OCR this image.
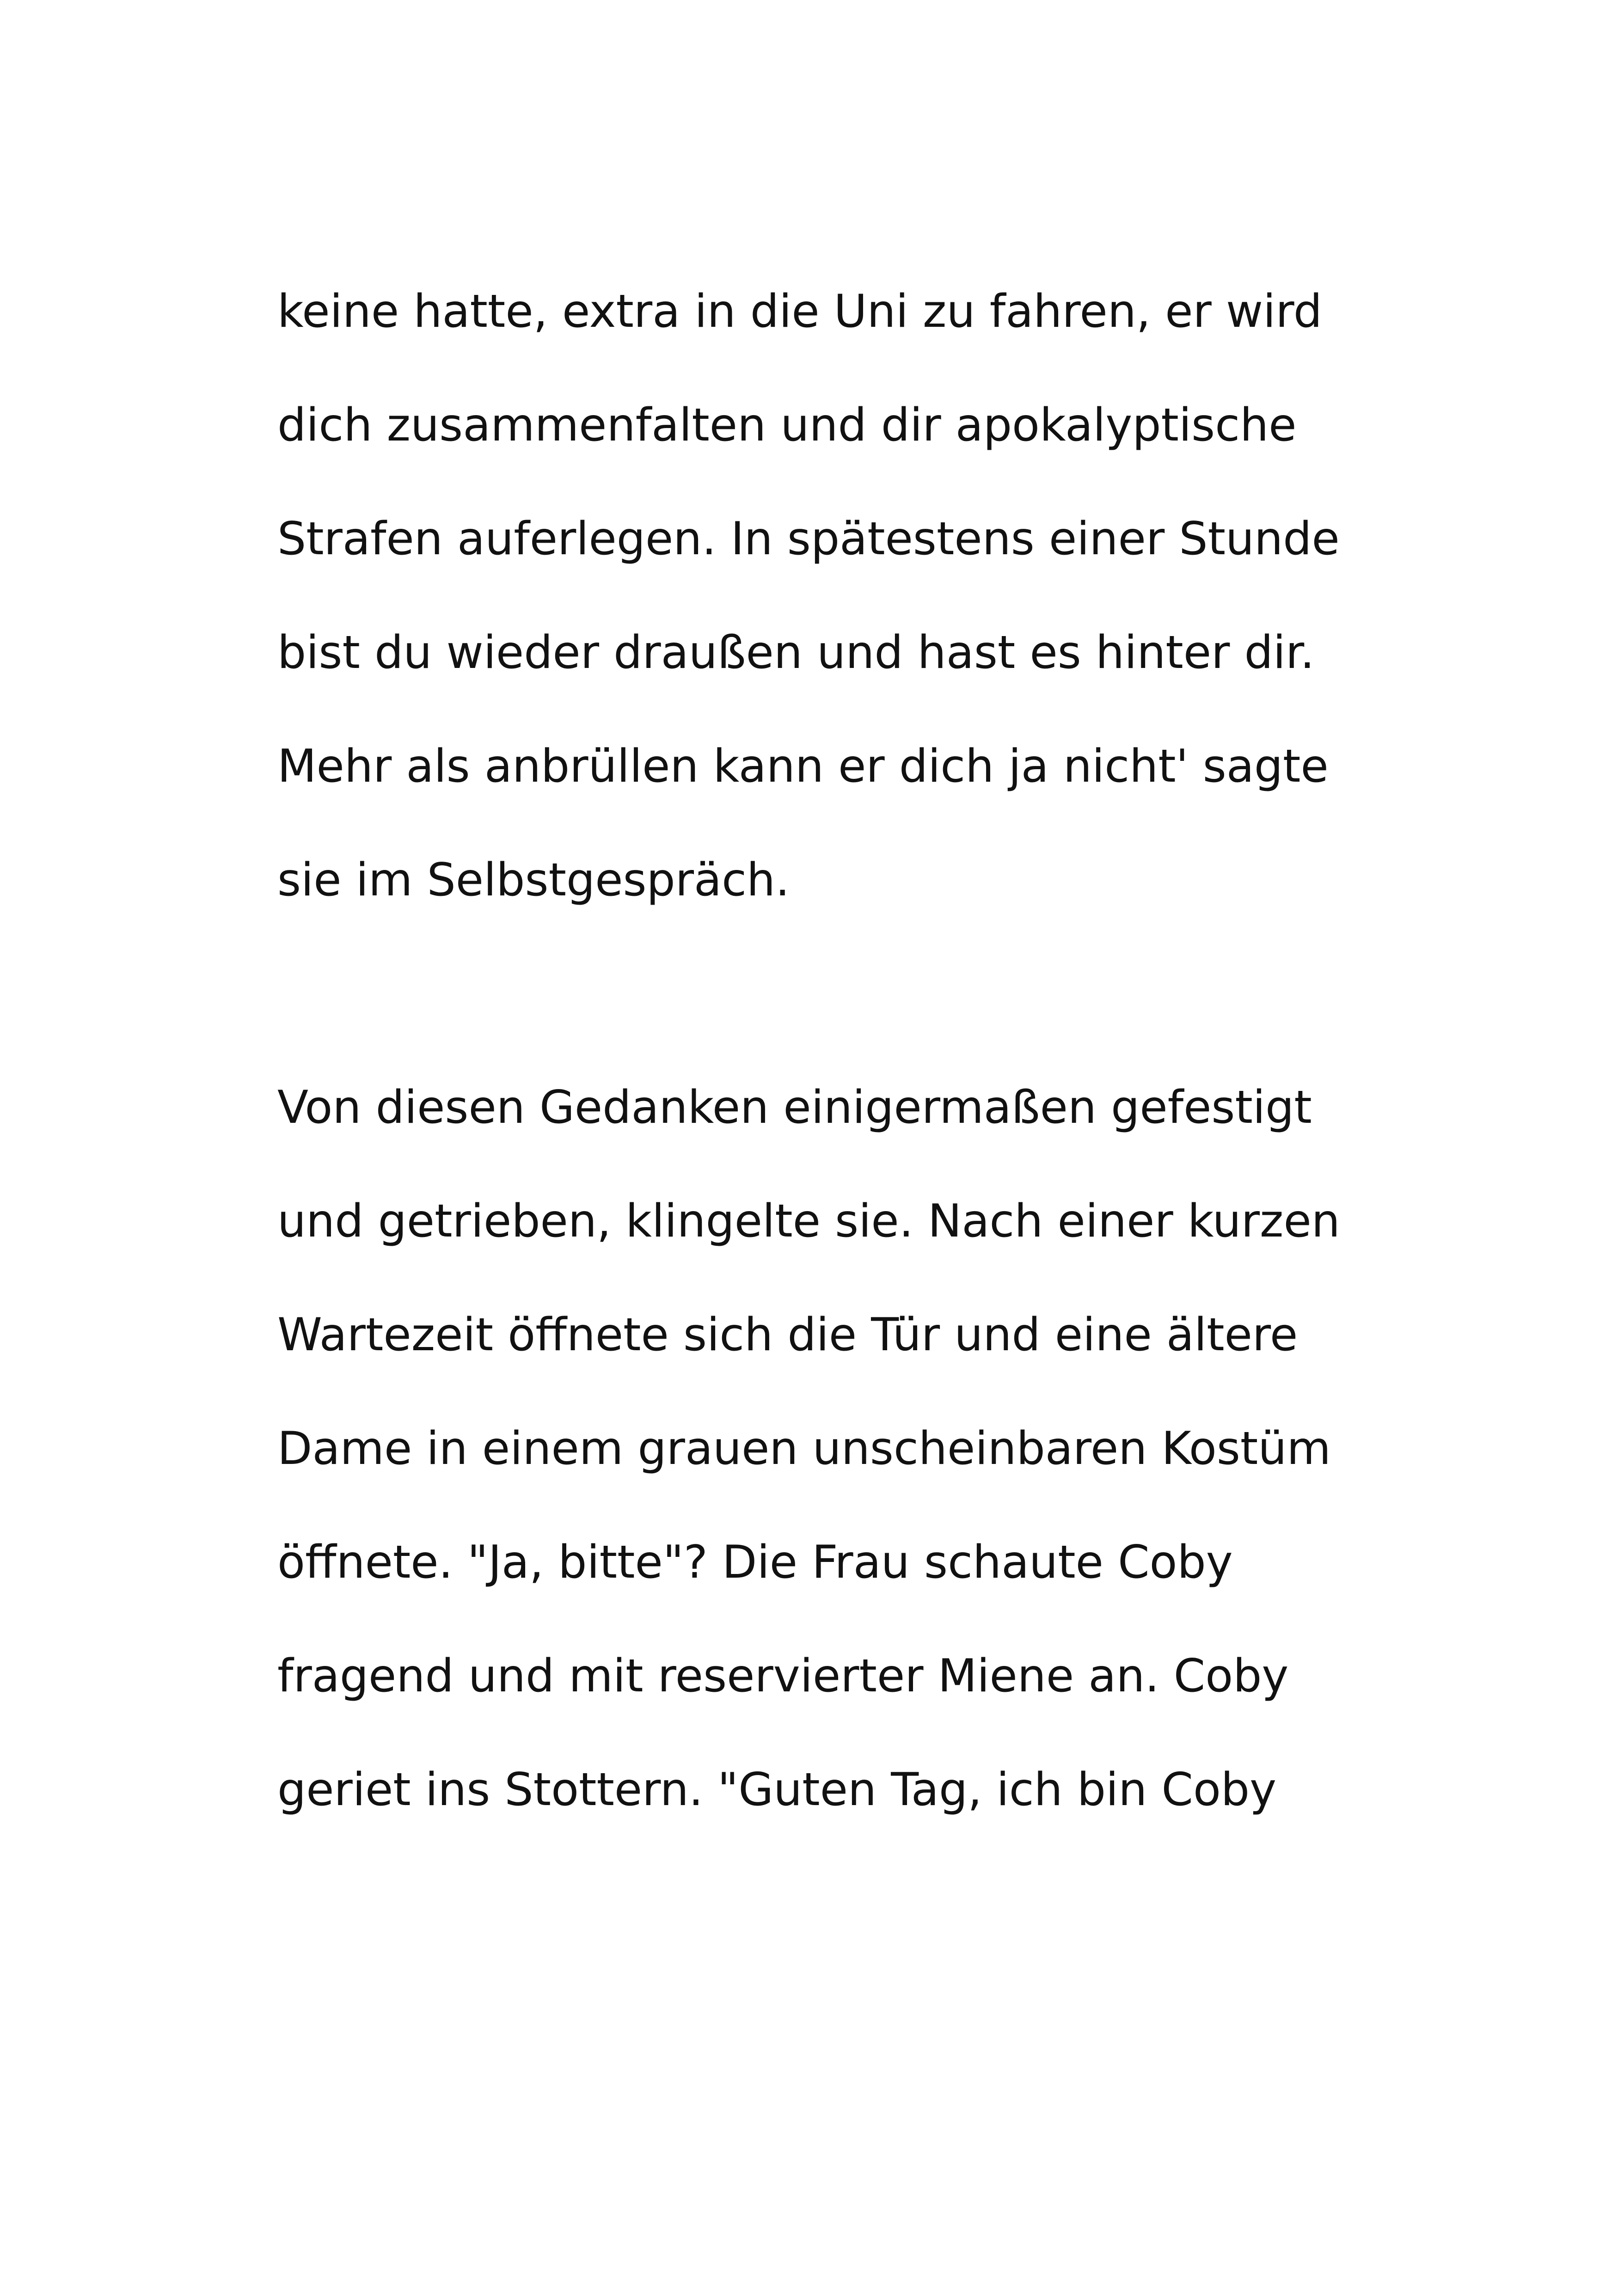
keine hatte, extra in die Uni zu fahren, er wird
dich zusammenfalten und dir apokalyptische
Strafen auferlegen. In spätestens einer Stunde
bist du wieder draußen und hast es hinter dir.
Mehr als anbrüllen kann er dich ja nicht' sagte
sie im Selbstgespräch.
Von diesen Gedanken einigermaßen gefestigt
und getrieben, klingelte sie. Nach einer kurzen
Wartezeit öffnete sich die Tür und eine ältere
Dame in einem grauen unscheinbaren Kostüm
öffnete. "Ja, bitte"? Die Frau schaute Coby
fragend und mit reservierter Miene an. Coby
geriet ins Stottern. "Guten Tag, ich bin Coby
